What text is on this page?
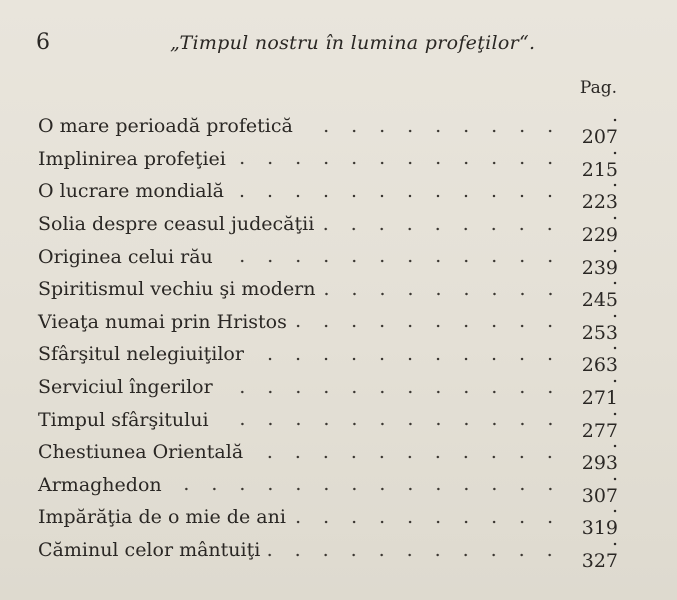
6	„Timpul nostru în lumina profeţilor“.
Pag.
O mare perioadă profetică	. 207
Implinirea profeţiei	. 215
O lucrare mondială	. 223
Solia despre ceasul judecăţii	. 229
Originea celui rău	. 239
Spiritismul vechiu şi modern	. 245
Vieaţa numai prin Hristos	. 253
Sfârşitul nelegiuiţilor	. 263
Serviciul îngerilor	. 271
Timpul sfârşitului	. 277
Chestiunea Orientală	. 293
Armaghedon	. 307
Impărăţia de o mie de ani	. 319
Căminul celor mântuiţi	. 327
